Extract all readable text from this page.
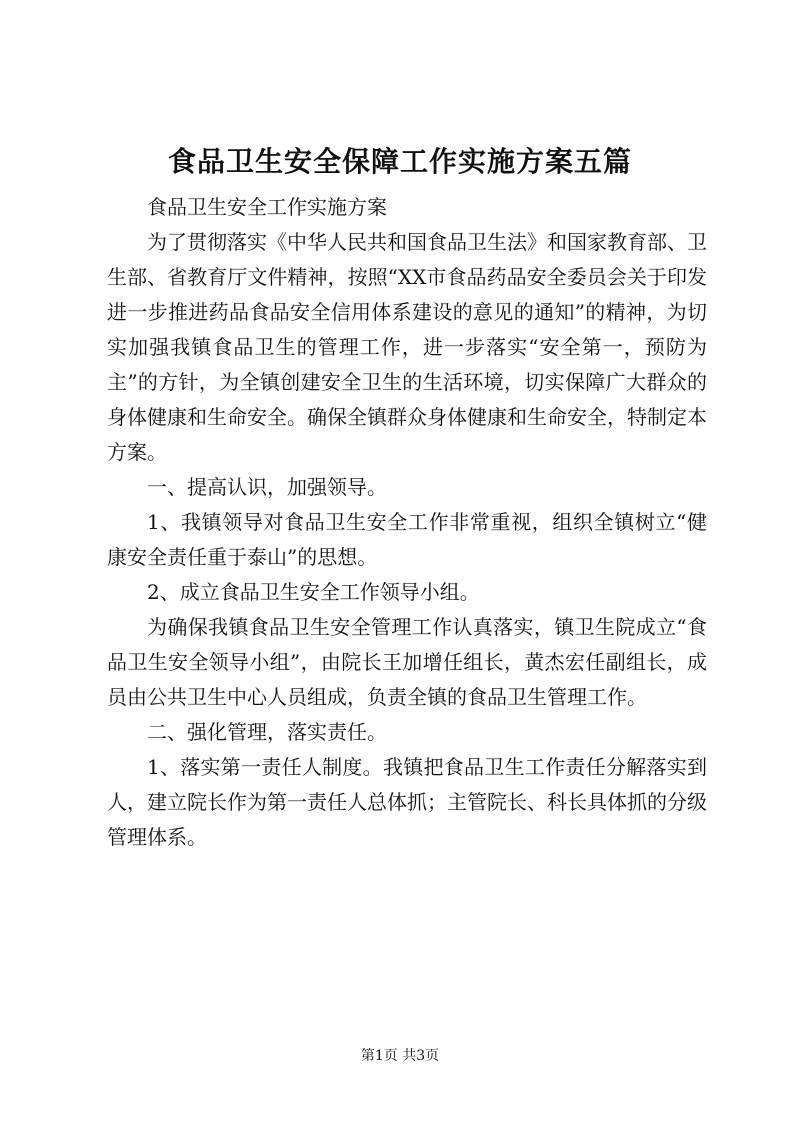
食品卫生安全保障工作实施方案五篇

食品卫生安全工作实施方案

为了贯彻落实《中华人民共和国食品卫生法》和国家教育部、卫生部、省教育厅文件精神，按照“XX市食品药品安全委员会关于印发进一步推进药品食品安全信用体系建设的意见的通知”的精神，为切实加强我镇食品卫生的管理工作，进一步落实“安全第一，预防为主”的方针，为全镇创建安全卫生的生活环境，切实保障广大群众的身体健康和生命安全。确保全镇群众身体健康和生命安全，特制定本方案。

一、提高认识，加强领导。

1、我镇领导对食品卫生安全工作非常重视，组织全镇树立“健康安全责任重于泰山”的思想。

2、成立食品卫生安全工作领导小组。

为确保我镇食品卫生安全管理工作认真落实，镇卫生院成立“食品卫生安全领导小组”，由院长王加增任组长，黄杰宏任副组长，成员由公共卫生中心人员组成，负责全镇的食品卫生管理工作。

二、强化管理，落实责任。

1、落实第一责任人制度。我镇把食品卫生工作责任分解落实到人，建立院长作为第一责任人总体抓；主管院长、科长具体抓的分级管理体系。

第1页 共3页
